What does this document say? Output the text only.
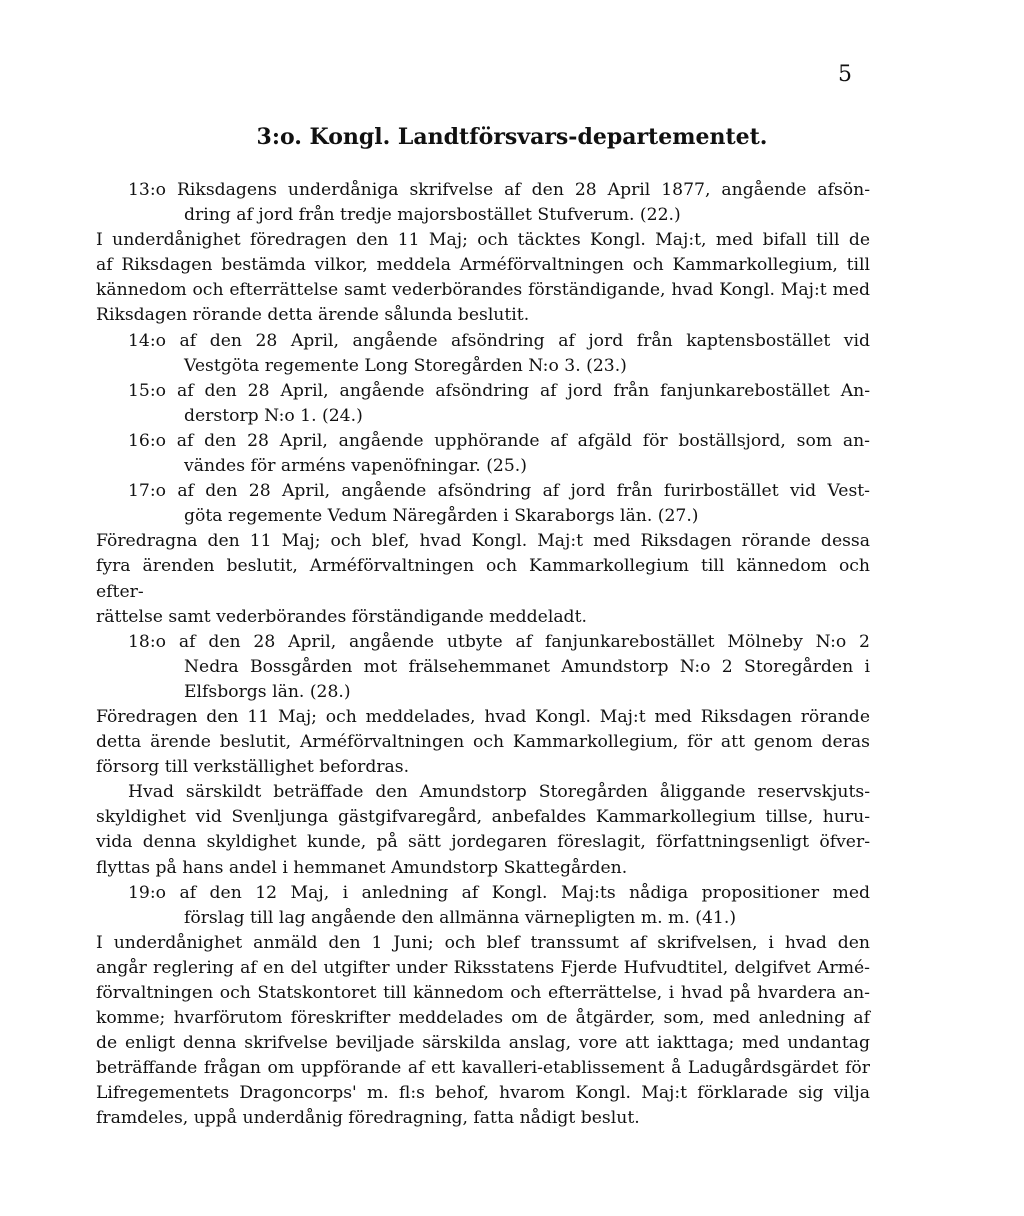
5
3:o. Kongl. Landtförsvars-departementet.
13:o Riksdagens underdåniga skrifvelse af den 28 April 1877, angående afsön-
dring af jord från tredje majorsbostället Stufverum. (22.)
I underdånighet föredragen den 11 Maj; och täcktes Kongl. Maj:t, med bifall till de
af Riksdagen bestämda vilkor, meddela Arméförvaltningen och Kammarkollegium, till
kännedom och efterrättelse samt vederbörandes förständigande, hvad Kongl. Maj:t med
Riksdagen rörande detta ärende sålunda beslutit.
14:o af den 28 April, angående afsöndring af jord från kaptensbostället vid
Vestgöta regemente Long Storegården N:o 3. (23.)
15:o af den 28 April, angående afsöndring af jord från fanjunkarebostället An-
derstorp N:o 1. (24.)
16:o af den 28 April, angående upphörande af afgäld för boställsjord, som an-
vändes för arméns vapenöfningar. (25.)
17:o af den 28 April, angående afsöndring af jord från furirbostället vid Vest-
göta regemente Vedum Näregården i Skaraborgs län. (27.)
Föredragna den 11 Maj; och blef, hvad Kongl. Maj:t med Riksdagen rörande dessa
fyra ärenden beslutit, Arméförvaltningen och Kammarkollegium till kännedom och efter-
rättelse samt vederbörandes förständigande meddeladt.
18:o af den 28 April, angående utbyte af fanjunkarebostället Mölneby N:o 2
Nedra Bossgården mot frälsehemmanet Amundstorp N:o 2 Storegården i
Elfsborgs län. (28.)
Föredragen den 11 Maj; och meddelades, hvad Kongl. Maj:t med Riksdagen rörande
detta ärende beslutit, Arméförvaltningen och Kammarkollegium, för att genom deras
försorg till verkställighet befordras.
Hvad särskildt beträffade den Amundstorp Storegården åliggande reservskjuts-
skyldighet vid Svenljunga gästgifvaregård, anbefaldes Kammarkollegium tillse, huru-
vida denna skyldighet kunde, på sätt jordegaren föreslagit, författningsenligt öfver-
flyttas på hans andel i hemmanet Amundstorp Skattegården.
19:o af den 12 Maj, i anledning af Kongl. Maj:ts nådiga propositioner med
förslag till lag angående den allmänna värnepligten m. m. (41.)
I underdånighet anmäld den 1 Juni; och blef transsumt af skrifvelsen, i hvad den
angår reglering af en del utgifter under Riksstatens Fjerde Hufvudtitel, delgifvet Armé-
förvaltningen och Statskontoret till kännedom och efterrättelse, i hvad på hvardera an-
komme; hvarförutom föreskrifter meddelades om de åtgärder, som, med anledning af
de enligt denna skrifvelse beviljade särskilda anslag, vore att iakttaga; med undantag
beträffande frågan om uppförande af ett kavalleri-etablissement å Ladugårdsgärdet för
Lifregementets Dragoncorps' m. fl:s behof, hvarom Kongl. Maj:t förklarade sig vilja
framdeles, uppå underdånig föredragning, fatta nådigt beslut.
